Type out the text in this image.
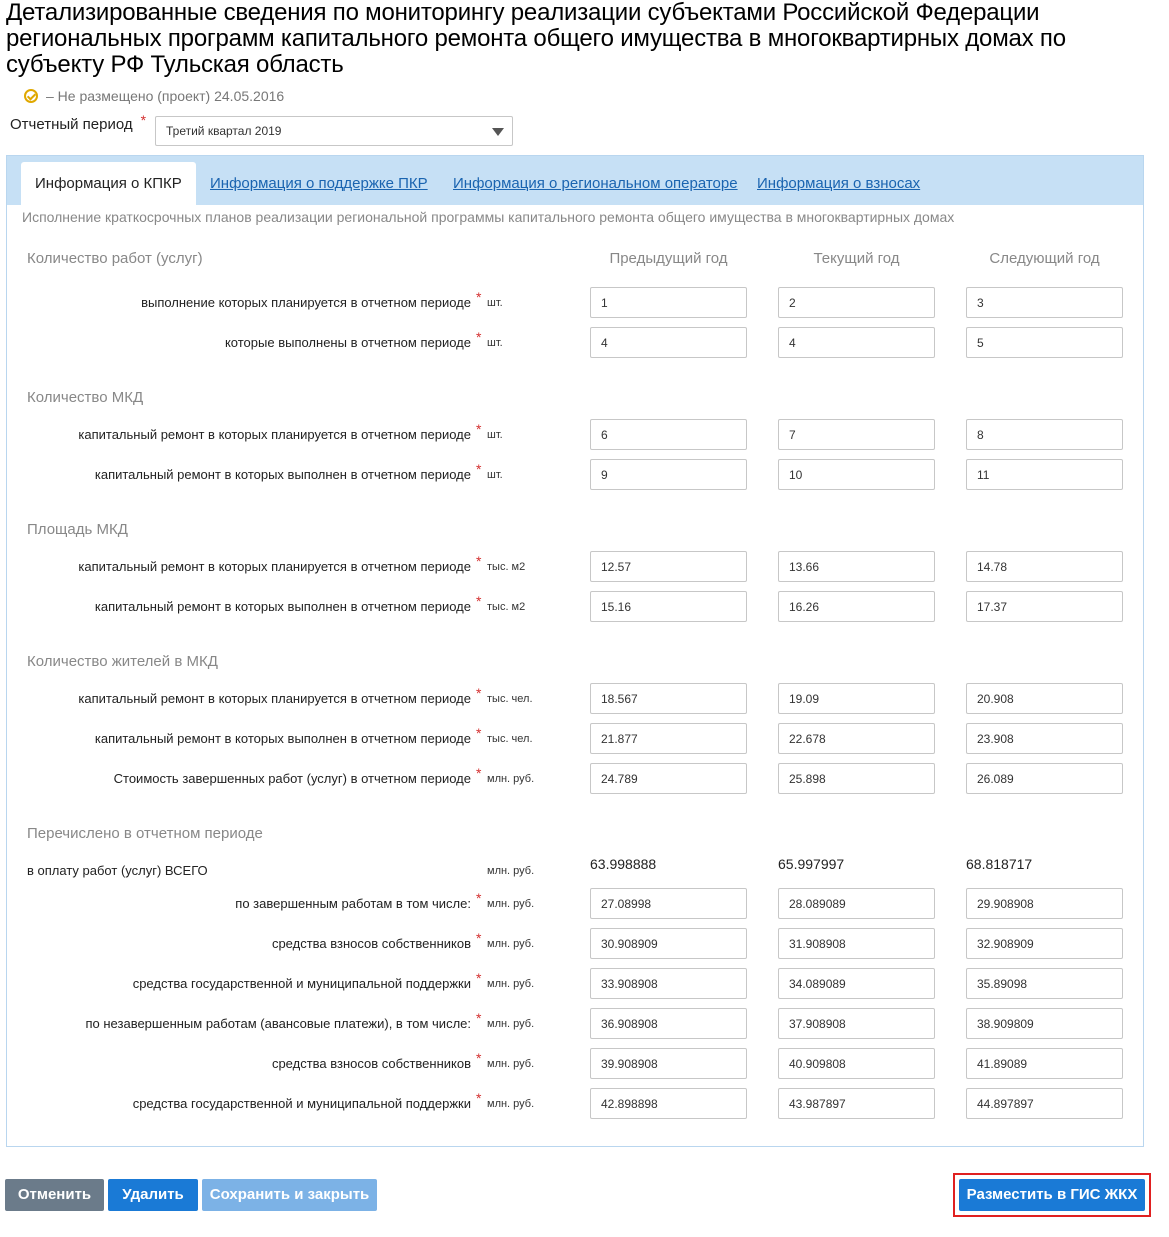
Детализированные сведения по мониторингу реализации субъектами Российской Федерации региональных программ капитального ремонта общего имущества в многоквартирных домах по субъекту РФ Тульская область
– Не размещено (проект) 24.05.2016
Отчетный период *
Третий квартал 2019
Информация о КПКР	Информация о поддержке ПКР Информация о региональном операторе Информация о взносах
Исполнение краткосрочных планов реализации региональной программы капитального ремонта общего имущества в многоквартирных домах
Предыдущий год	Текущий год	Следующий год
Количество работ (услуг)
выполнение которых планируется в отчетном периоде * шт.	1	2	3
которые выполнены в отчетном периоде * шт.	4	4	5
Количество МКД
капитальный ремонт в которых планируется в отчетном периоде * шт.	6	7	8
капитальный ремонт в которых выполнен в отчетном периоде * шт.	9	10	11
Площадь МКД
капитальный ремонт в которых планируется в отчетном периоде * тыс. м2	12.57	13.66	14.78
капитальный ремонт в которых выполнен в отчетном периоде * тыс. м2	15.16	16.26	17.37
Количество жителей в МКД
капитальный ремонт в которых планируется в отчетном периоде * тыс. чел.	18.567	19.09	20.908
капитальный ремонт в которых выполнен в отчетном периоде * тыс. чел.	21.877	22.678	23.908
Стоимость завершенных работ (услуг) в отчетном периоде * млн. руб.	24.789	25.898	26.089
Перечислено в отчетном периоде
в оплату работ (услуг) ВСЕГО	млн. руб.	63.998888	65.997997	68.818717
по завершенным работам в том числе: * млн. руб.	27.08998	28.089089	29.908908
средства взносов собственников * млн. руб.	30.908909	31.908908	32.908909
средства государственной и муниципальной поддержки * млн. руб.	33.908908	34.089089	35.89098
по незавершенным работам (авансовые платежи), в том числе: * млн. руб.	36.908908	37.908908	38.909809
средства взносов собственников * млн. руб.	39.908908	40.909808	41.89089
средства государственной и муниципальной поддержки * млн. руб.	42.898898	43.987897	44.897897
Отменить	Удалить	Сохранить и закрыть	Разместить в ГИС ЖКХ
